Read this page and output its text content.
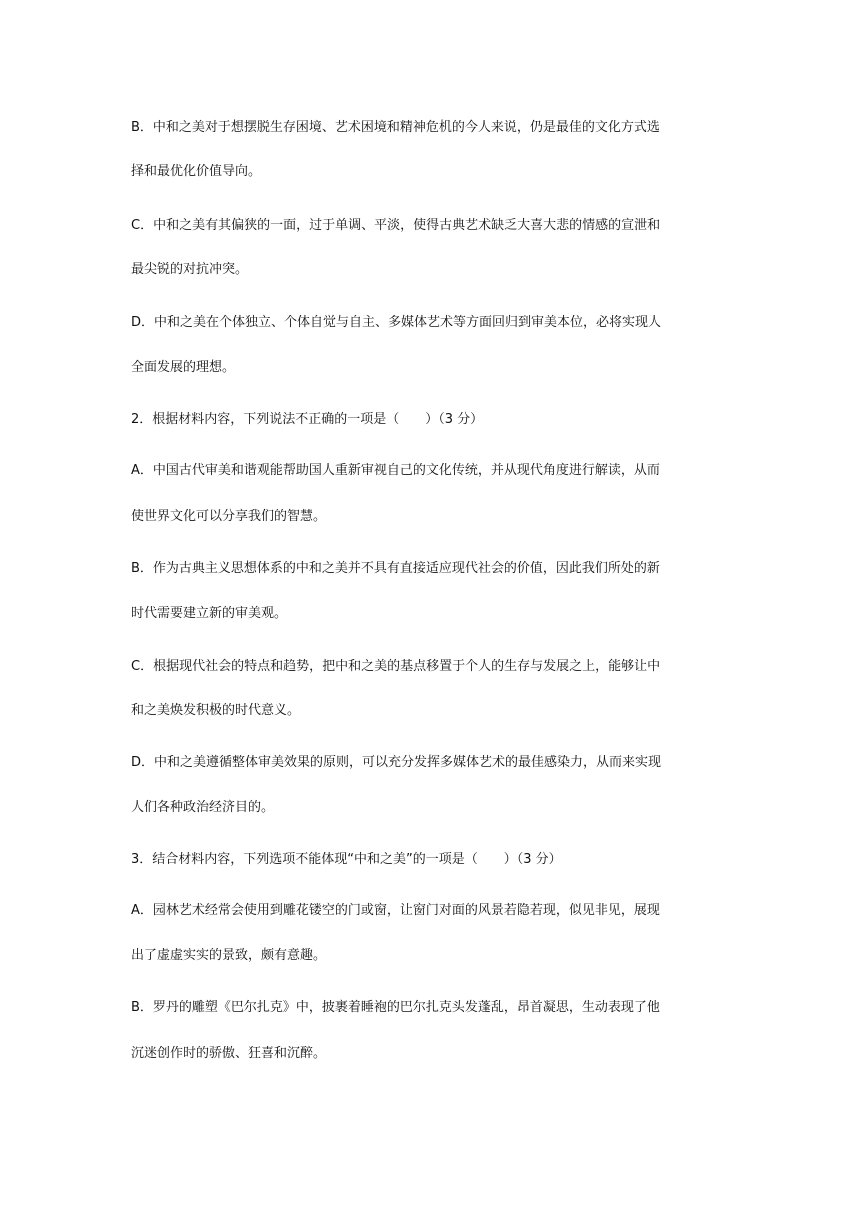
B．中和之美对于想摆脱生存困境、艺术困境和精神危机的今人来说，仍是最佳的文化方式选
择和最优化价值导向。
C．中和之美有其偏狭的一面，过于单调、平淡，使得古典艺术缺乏大喜大悲的情感的宣泄和
最尖锐的对抗冲突。
D．中和之美在个体独立、个体自觉与自主、多媒体艺术等方面回归到审美本位，必将实现人
全面发展的理想。
2．根据材料内容，下列说法不正确的一项是（　　）（3 分）
A．中国古代审美和谐观能帮助国人重新审视自己的文化传统，并从现代角度进行解读，从而
使世界文化可以分享我们的智慧。
B．作为古典主义思想体系的中和之美并不具有直接适应现代社会的价值，因此我们所处的新
时代需要建立新的审美观。
C．根据现代社会的特点和趋势，把中和之美的基点移置于个人的生存与发展之上，能够让中
和之美焕发积极的时代意义。
D．中和之美遵循整体审美效果的原则，可以充分发挥多媒体艺术的最佳感染力，从而来实现
人们各种政治经济目的。
3．结合材料内容，下列选项不能体现“中和之美”的一项是（　　）（3 分）
A．园林艺术经常会使用到雕花镂空的门或窗，让窗门对面的风景若隐若现，似见非见，展现
出了虚虚实实的景致，颇有意趣。
B．罗丹的雕塑《巴尔扎克》中，披裹着睡袍的巴尔扎克头发蓬乱，昂首凝思，生动表现了他
沉迷创作时的骄傲、狂喜和沉醉。
